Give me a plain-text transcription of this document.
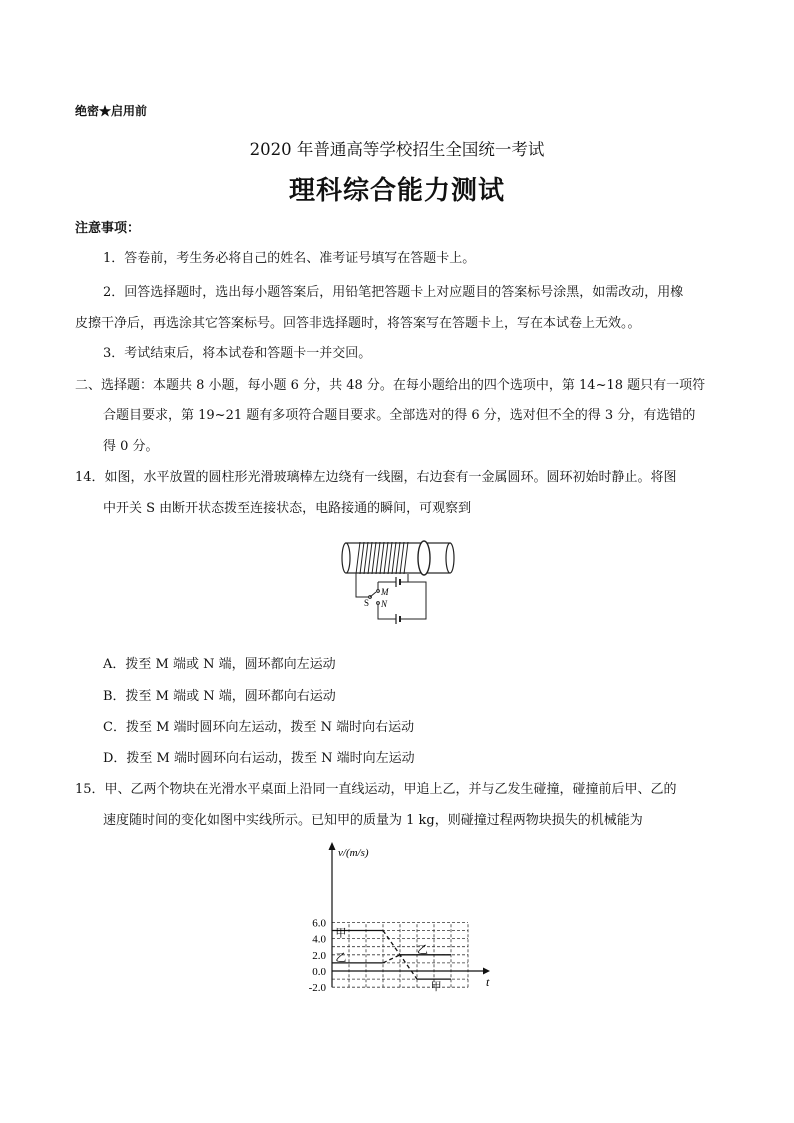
绝密★启用前
2020 年普通高等学校招生全国统一考试
理科综合能力测试
注意事项：
1．答卷前，考生务必将自己的姓名、准考证号填写在答题卡上。
2．回答选择题时，选出每小题答案后，用铅笔把答题卡上对应题目的答案标号涂黑，如需改动，用橡
皮擦干净后，再选涂其它答案标号。回答非选择题时，将答案写在答题卡上，写在本试卷上无效。。
3．考试结束后，将本试卷和答题卡一并交回。
二、选择题：本题共 8 小题，每小题 6 分，共 48 分。在每小题给出的四个选项中，第 14~18 题只有一项符
合题目要求，第 19~21 题有多项符合题目要求。全部选对的得 6 分，选对但不全的得 3 分，有选错的
得 0 分。
14．如图，水平放置的圆柱形光滑玻璃棒左边绕有一线圈，右边套有一金属圆环。圆环初始时静止。将图
中开关 S 由断开状态拨至连接状态，电路接通的瞬间，可观察到
S
M
N
A．拨至 M 端或 N 端，圆环都向左运动
B．拨至 M 端或 N 端，圆环都向右运动
C．拨至 M 端时圆环向左运动，拨至 N 端时向右运动
D．拨至 M 端时圆环向右运动，拨至 N 端时向左运动
15．甲、乙两个物块在光滑水平桌面上沿同一直线运动，甲追上乙，并与乙发生碰撞，碰撞前后甲、乙的
速度随时间的变化如图中实线所示。已知甲的质量为 1 kg，则碰撞过程两物块损失的机械能为
6.0
4.0
2.0
0.0
-2.0
v/(m/s)
t
甲
乙
乙
甲
